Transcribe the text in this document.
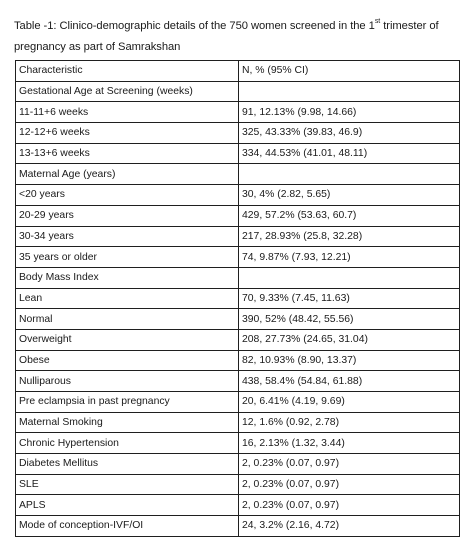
Table -1: Clinico-demographic details of the 750 women screened in the 1st trimester of pregnancy as part of Samrakshan
Characteristic	N, % (95% CI)
Gestational Age at Screening (weeks)	
11-11+6 weeks	91, 12.13% (9.98, 14.66)
12-12+6 weeks	325, 43.33% (39.83, 46.9)
13-13+6 weeks	334, 44.53% (41.01, 48.11)
Maternal Age (years)	
<20 years	30, 4% (2.82, 5.65)
20-29 years	429, 57.2% (53.63, 60.7)
30-34 years	217, 28.93% (25.8, 32.28)
35 years or older	74, 9.87% (7.93, 12.21)
Body Mass Index	
Lean	70, 9.33% (7.45, 11.63)
Normal	390, 52% (48.42, 55.56)
Overweight	208, 27.73% (24.65, 31.04)
Obese	82, 10.93% (8.90, 13.37)
Nulliparous	438, 58.4% (54.84, 61.88)
Pre eclampsia in past pregnancy	20, 6.41% (4.19, 9.69)
Maternal Smoking	12, 1.6% (0.92, 2.78)
Chronic Hypertension	16, 2.13% (1.32, 3.44)
Diabetes Mellitus	2, 0.23% (0.07, 0.97)
SLE	2, 0.23% (0.07, 0.97)
APLS	2, 0.23% (0.07, 0.97)
Mode of conception-IVF/OI	24, 3.2% (2.16, 4.72)
